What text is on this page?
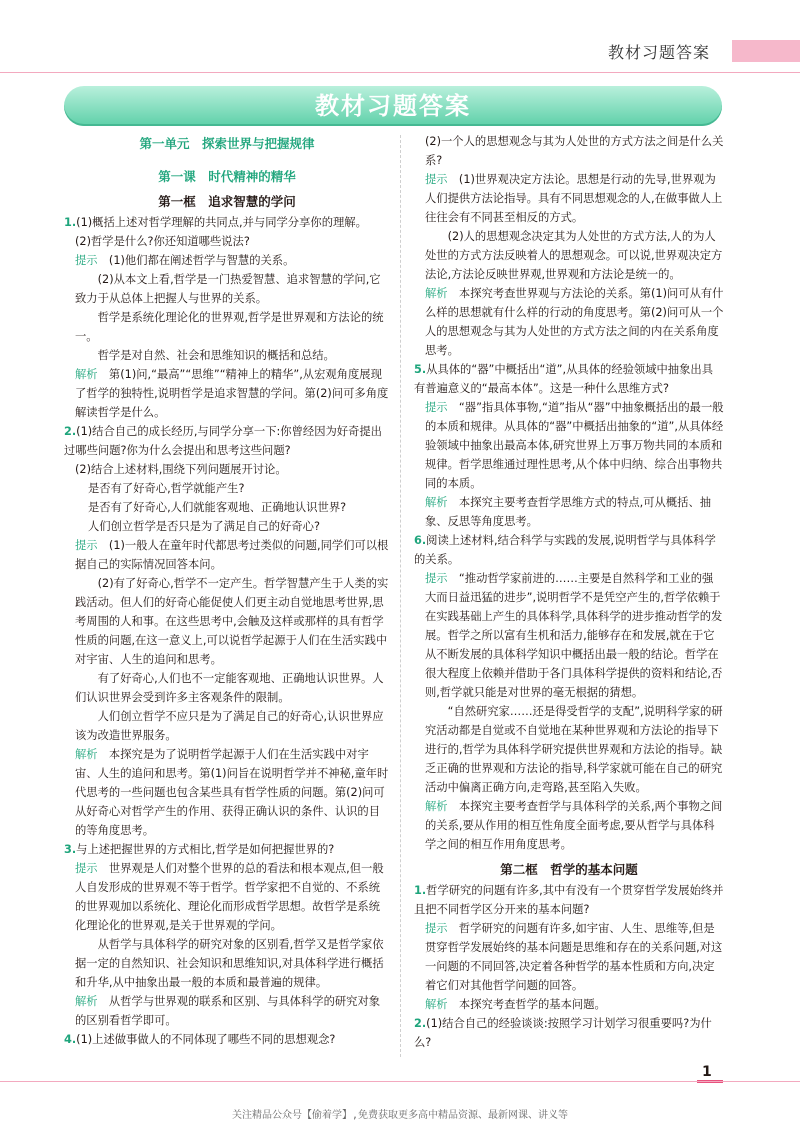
教材习题答案
教材习题答案
第一单元　探索世界与把握规律
第一课　时代精神的精华
第一框　追求智慧的学问

1.(1)概括上述对哲学理解的共同点,并与同学分享你的理解。

(2)哲学是什么?你还知道哪些说法?

提示　 (1)他们都在阐述哲学与智慧的关系。

(2)从本文上看,哲学是一门热爱智慧、追求智慧的学问,它致力于从总体上把握人与世界的关系。

哲学是系统化理论化的世界观,哲学是世界观和方法论的统一。

哲学是对自然、社会和思维知识的概括和总结。

解析　 第(1)问,“最高”“思维”“精神上的精华”,从宏观角度展现了哲学的独特性,说明哲学是追求智慧的学问。第(2)问可多角度解读哲学是什么。

2.(1)结合自己的成长经历,与同学分享一下:你曾经因为好奇提出过哪些问题?你为什么会提出和思考这些问题?

(2)结合上述材料,围绕下列问题展开讨论。

是否有了好奇心,哲学就能产生?

是否有了好奇心,人们就能客观地、正确地认识世界?

人们创立哲学是否只是为了满足自己的好奇心?

提示　 (1)一般人在童年时代都思考过类似的问题,同学们可以根据自己的实际情况回答本问。

(2)有了好奇心,哲学不一定产生。哲学智慧产生于人类的实践活动。但人们的好奇心能促使人们更主动自觉地思考世界,思考周围的人和事。在这些思考中,会触及这样或那样的具有哲学性质的问题,在这一意义上,可以说哲学起源于人们在生活实践中对宇宙、人生的追问和思考。

有了好奇心,人们也不一定能客观地、正确地认识世界。人们认识世界会受到许多主客观条件的限制。

人们创立哲学不应只是为了满足自己的好奇心,认识世界应该为改造世界服务。

解析　 本探究是为了说明哲学起源于人们在生活实践中对宇宙、人生的追问和思考。第(1)问旨在说明哲学并不神秘,童年时代思考的一些问题也包含某些具有哲学性质的问题。第(2)问可从好奇心对哲学产生的作用、获得正确认识的条件、认识的目的等角度思考。

3.与上述把握世界的方式相比,哲学是如何把握世界的?

提示　 世界观是人们对整个世界的总的看法和根本观点,但一般人自发形成的世界观不等于哲学。哲学家把不自觉的、不系统的世界观加以系统化、理论化而形成哲学思想。故哲学是系统化理论化的世界观,是关于世界观的学问。

从哲学与具体科学的研究对象的区别看,哲学又是哲学家依据一定的自然知识、社会知识和思维知识,对具体科学进行概括和升华,从中抽象出最一般的本质和最普遍的规律。

解析　 从哲学与世界观的联系和区别、与具体科学的研究对象的区别看哲学即可。

4.(1)上述做事做人的不同体现了哪些不同的思想观念?

(2)一个人的思想观念与其为人处世的方式方法之间是什么关系?

提示　 (1)世界观决定方法论。思想是行动的先导,世界观为人们提供方法论指导。具有不同思想观念的人,在做事做人上往往会有不同甚至相反的方式。

(2)人的思想观念决定其为人处世的方式方法,人的为人处世的方式方法反映着人的思想观念。可以说,世界观决定方法论,方法论反映世界观,世界观和方法论是统一的。

解析　 本探究考查世界观与方法论的关系。第(1)问可从有什么样的思想就有什么样的行动的角度思考。第(2)问可从一个人的思想观念与其为人处世的方式方法之间的内在关系角度思考。

5.从具体的“器”中概括出“道”,从具体的经验领域中抽象出具有普遍意义的“最高本体”。这是一种什么思维方式?

提示　 “器”指具体事物,“道”指从“器”中抽象概括出的最一般的本质和规律。从具体的“器”中概括出抽象的“道”,从具体经验领域中抽象出最高本体,研究世界上万事万物共同的本质和规律。哲学思维通过理性思考,从个体中归纳、综合出事物共同的本质。

解析　 本探究主要考查哲学思维方式的特点,可从概括、抽象、反思等角度思考。

6.阅读上述材料,结合科学与实践的发展,说明哲学与具体科学的关系。

提示　 “推动哲学家前进的……主要是自然科学和工业的强大而日益迅猛的进步”,说明哲学不是凭空产生的,哲学依赖于在实践基础上产生的具体科学,具体科学的进步推动哲学的发展。哲学之所以富有生机和活力,能够存在和发展,就在于它从不断发展的具体科学知识中概括出最一般的结论。哲学在很大程度上依赖并借助于各门具体科学提供的资料和结论,否则,哲学就只能是对世界的毫无根据的猜想。

“自然研究家……还是得受哲学的支配”,说明科学家的研究活动都是自觉或不自觉地在某种世界观和方法论的指导下进行的,哲学为具体科学研究提供世界观和方法论的指导。缺乏正确的世界观和方法论的指导,科学家就可能在自己的研究活动中偏离正确方向,走弯路,甚至陷入失败。

解析　 本探究主要考查哲学与具体科学的关系,两个事物之间的关系,要从作用的相互性角度全面考虑,要从哲学与具体科学之间的相互作用角度思考。

第二框　哲学的基本问题

1.哲学研究的问题有许多,其中有没有一个贯穿哲学发展始终并且把不同哲学区分开来的基本问题?

提示　 哲学研究的问题有许多,如宇宙、人生、思维等,但是贯穿哲学发展始终的基本问题是思维和存在的关系问题,对这一问题的不同回答,决定着各种哲学的基本性质和方向,决定着它们对其他哲学问题的回答。

解析　 本探究考查哲学的基本问题。

2.(1)结合自己的经验谈谈:按照学习计划学习很重要吗?为什么?

1
关注精品公众号【偷着学】,免费获取更多高中精品资源、最新网课、讲义等
